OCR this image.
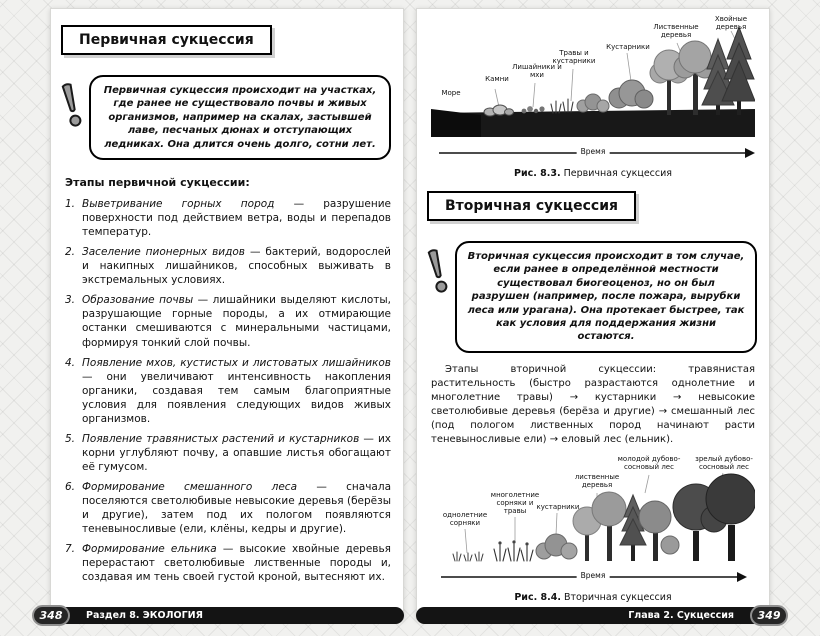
Первичная сукцессия
Первичная сукцессия происходит на участках, где ранее не существовало почвы и живых организмов, например на скалах, застывшей лаве, песчаных дюнах и отступающих ледниках. Она длится очень долго, сотни лет.
Этапы первичной сукцессии:
1. Выветривание горных пород — разрушение поверхности под действием ветра, воды и перепадов температур.
2. Заселение пионерных видов — бактерий, водорослей и накипных лишайников, способных выживать в экстремальных условиях.
3. Образование почвы — лишайники выделяют кислоты, разрушающие горные породы, а их отмирающие останки смешиваются с минеральными частицами, формируя тонкий слой почвы.
4. Появление мхов, кустистых и листоватых лишайников — они увеличивают интенсивность накопления органики, создавая тем самым благоприятные условия для появления следующих видов живых организмов.
5. Появление травянистых растений и кустарников — их корни углубляют почву, а опавшие листья обогащают её гумусом.
6. Формирование смешанного леса — сначала поселяются светолюбивые невысокие деревья (берёзы и другие), затем под их пологом появляются теневыносливые (ели, клёны, кедры и другие).
7. Формирование ельника — высокие хвойные деревья перерастают светолюбивые лиственные породы и, создавая им тень своей густой кроной, вытесняют их.
Море
Камни
Лишайники и мхи
Травы и кустарники
Кустарники
Лиственные деревья
Хвойные деревья
Время
Рис. 8.3. Первичная сукцессия
Вторичная сукцессия
Вторичная сукцессия происходит в том случае, если ранее в определённой местности существовал биогеоценоз, но он был разрушен (например, после пожара, вырубки леса или урагана). Она протекает быстрее, так как условия для поддержания жизни остаются.
Этапы вторичной сукцессии: травянистая растительность (быстро разрастаются однолетние и многолетние травы) → кустарники → невысокие светолюбивые деревья (берёза и другие) → смешанный лес (под пологом лиственных пород начинают расти теневыносливые ели) → еловый лес (ельник).
однолетние сорняки
многолетние сорняки и травы
кустарники
лиственные деревья
молодой дубово-сосновый лес
зрелый дубово-сосновый лес
Время
Рис. 8.4. Вторичная сукцессия
Раздел 8. ЭКОЛОГИЯ	Глава 2. Сукцессия
348	349
